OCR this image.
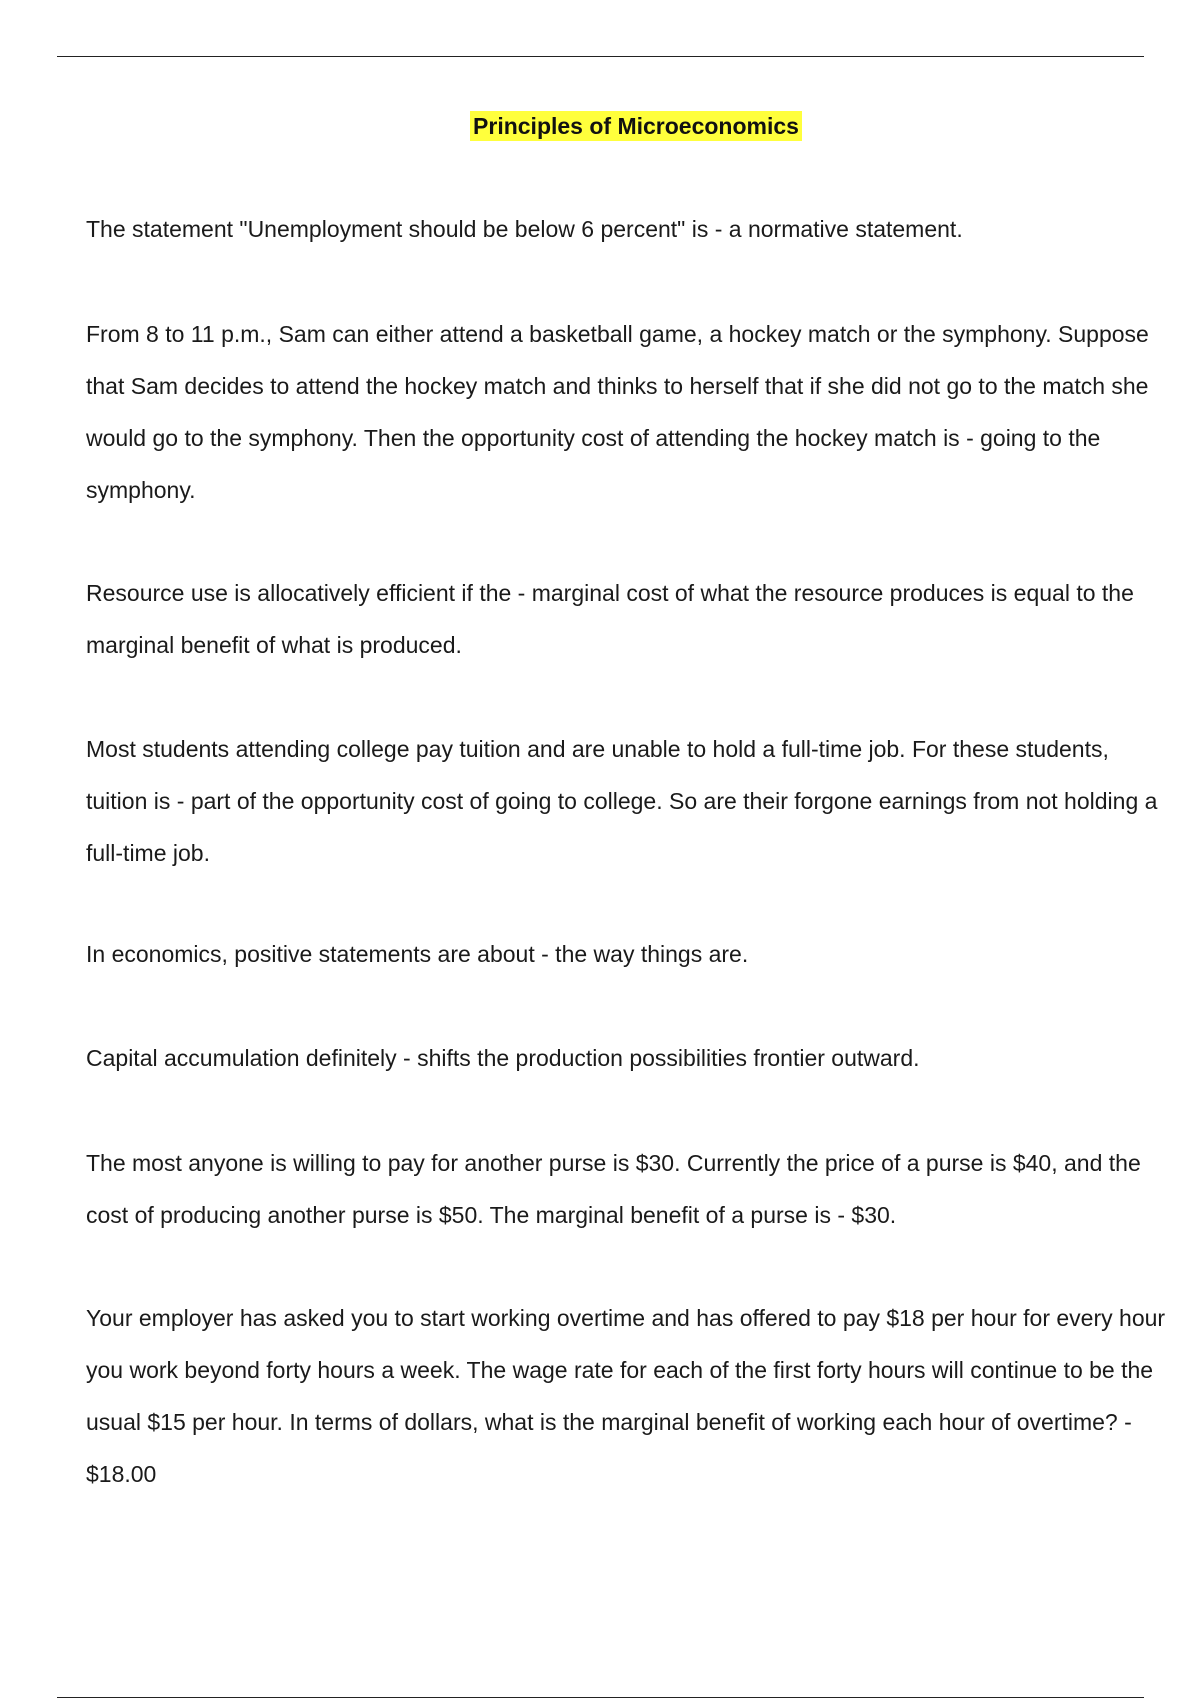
Principles of Microeconomics

The statement "Unemployment should be below 6 percent" is - a normative statement.

From 8 to 11 p.m., Sam can either attend a basketball game, a hockey match or the symphony. Suppose that Sam decides to attend the hockey match and thinks to herself that if she did not go to the match she would go to the symphony. Then the opportunity cost of attending the hockey match is - going to the symphony.

Resource use is allocatively efficient if the - marginal cost of what the resource produces is equal to the marginal benefit of what is produced.

Most students attending college pay tuition and are unable to hold a full-time job. For these students, tuition is - part of the opportunity cost of going to college. So are their forgone earnings from not holding a full-time job.

In economics, positive statements are about - the way things are.

Capital accumulation definitely - shifts the production possibilities frontier outward.

The most anyone is willing to pay for another purse is $30. Currently the price of a purse is $40, and the cost of producing another purse is $50. The marginal benefit of a purse is - $30.

Your employer has asked you to start working overtime and has offered to pay $18 per hour for every hour you work beyond forty hours a week. The wage rate for each of the first forty hours will continue to be the usual $15 per hour. In terms of dollars, what is the marginal benefit of working each hour of overtime? - $18.00
